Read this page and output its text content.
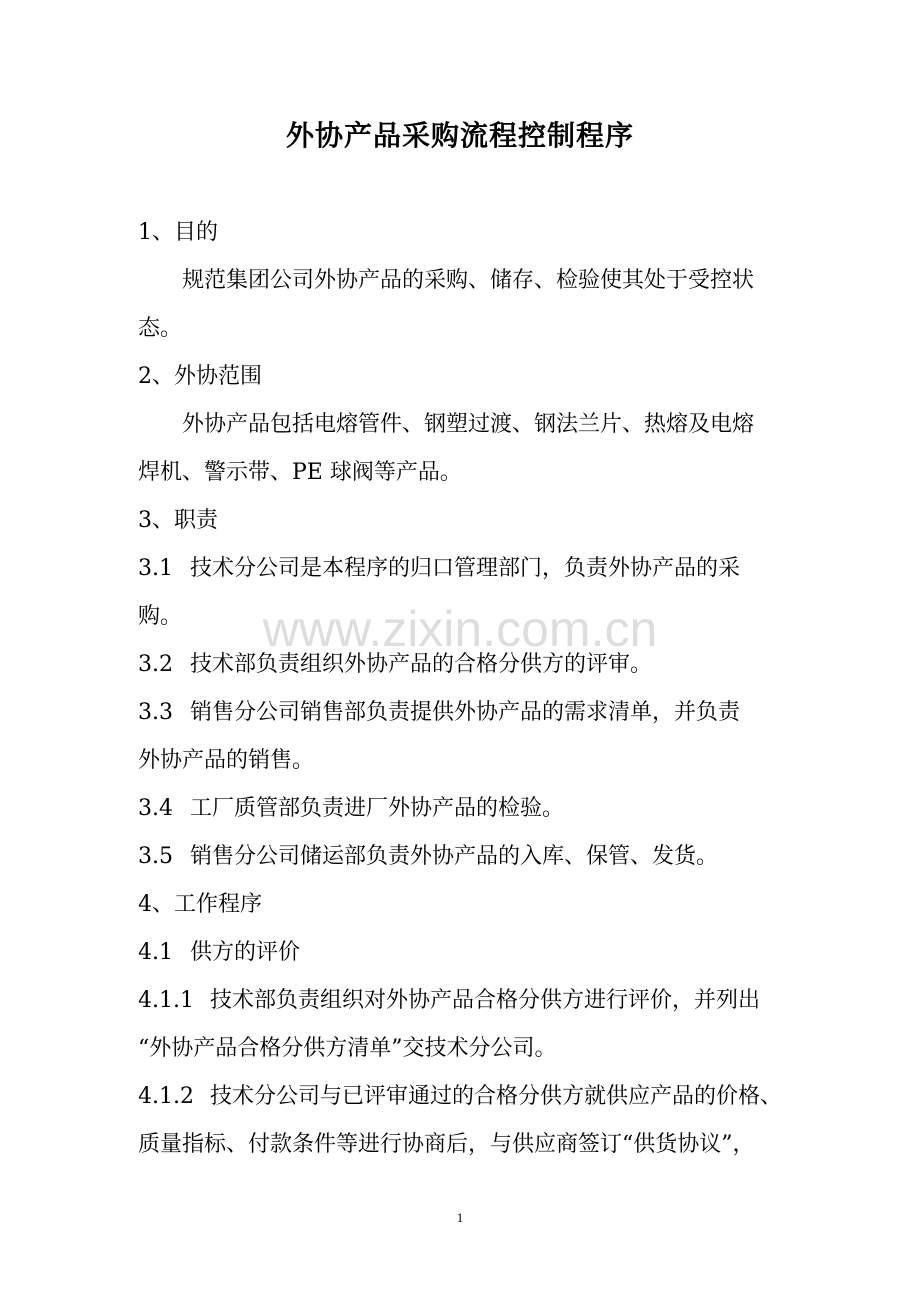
外协产品采购流程控制程序

1、目的

规范集团公司外协产品的采购、储存、检验使其处于受控状

态。

2、外协范围

外协产品包括电熔管件、钢塑过渡、钢法兰片、热熔及电熔

焊机、警示带、PE 球阀等产品。

3、职责

3.1 技术分公司是本程序的归口管理部门，负责外协产品的采

购。

3.2 技术部负责组织外协产品的合格分供方的评审。

3.3 销售分公司销售部负责提供外协产品的需求清单，并负责

外协产品的销售。

3.4 工厂质管部负责进厂外协产品的检验。

3.5 销售分公司储运部负责外协产品的入库、保管、发货。

4、工作程序

4.1 供方的评价

4.1.1 技术部负责组织对外协产品合格分供方进行评价，并列出

“外协产品合格分供方清单”交技术分公司。

4.1.2 技术分公司与已评审通过的合格分供方就供应产品的价格、

质量指标、付款条件等进行协商后，与供应商签订“供货协议”，

www.zixin.com.cn
1
